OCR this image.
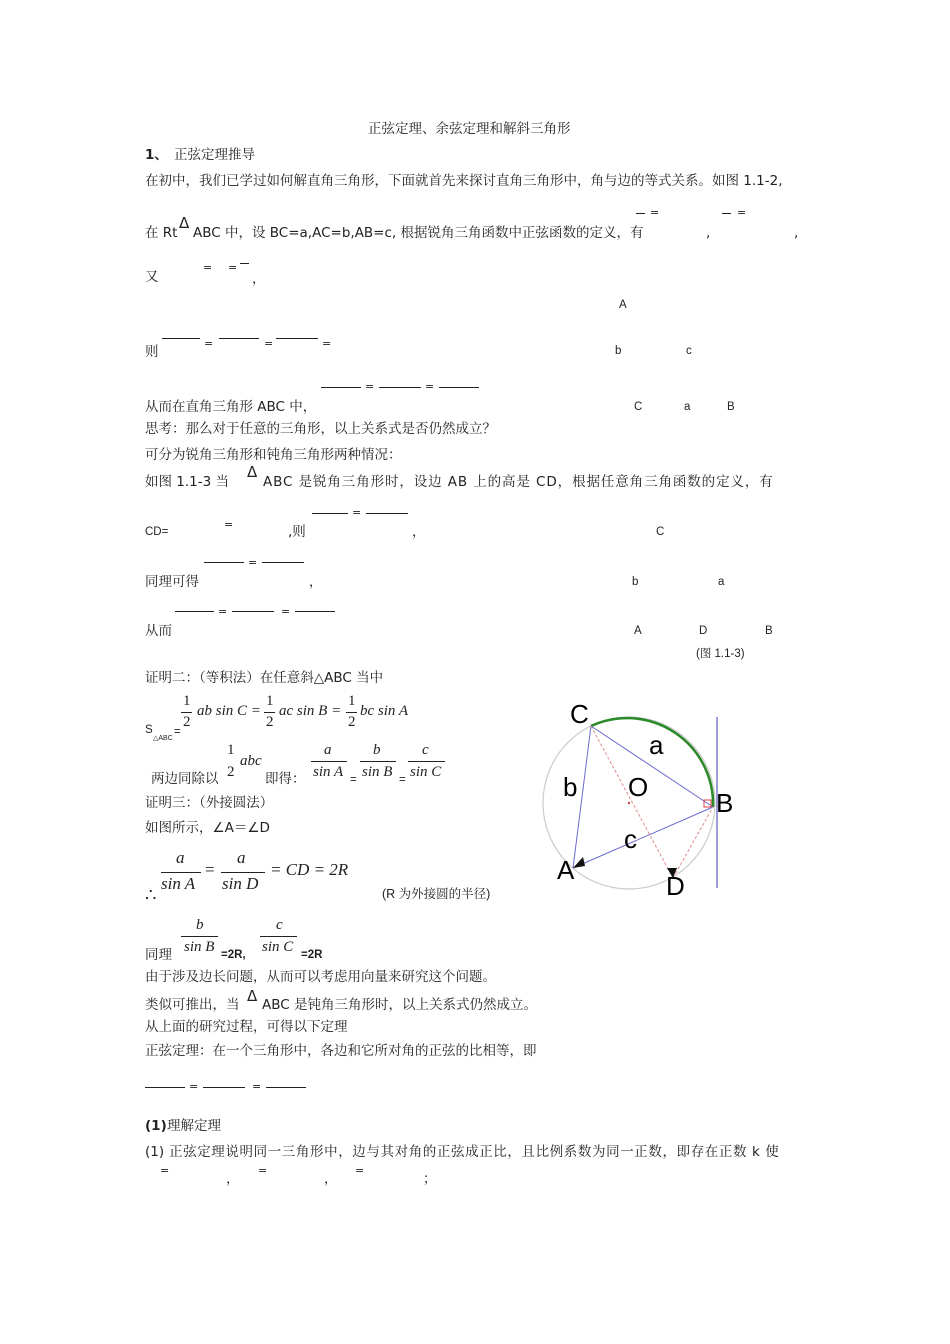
正弦定理、余弦定理和解斜三角形
1、 正弦定理推导
在初中，我们已学过如何解直角三角形，下面就首先来探讨直角三角形中，角与边的等式关系。如图 1.1-2,
在 Rt
Δ
ABC 中，设 BC=a,AC=b,AB=c, 根据锐角三角函数中正弦函数的定义，有	,	,
=	=
又
= =
，
则
=	=	=
A
b	c
C	a	B
=	=
从而在直角三角形 ABC 中，
思考：那么对于任意的三角形，以上关系式是否仍然成立？
可分为锐角三角形和钝角三角形两种情况：
如图 1.1-3 当
Δ
ABC 是锐角三角形时，设边 AB 上的高是 CD，根据任意角三角函数的定义，有
CD=
=	,则
=
，
同理可得
=
，
从而
=	=
C
b	a
A	D	B
(图 1.1-3)
证明二：（等积法）在任意斜△ABC 当中
S
△ABC
=
1
2
ab sin C =
1
2
ac sin B =
1
2
bc sin A
两边同除以
1
2
abc
即得：
a
sin A =
b
sin B =
c
sin C
证明三：（外接圆法）
如图所示，∠A＝∠D
∴
a
sin A
=
a
sin D
= CD = 2R
(R 为外接圆的半径)
同理
b
sin B =2R,
c
sin C =2R
由于涉及边长问题，从而可以考虑用向量来研究这个问题。
类似可推出，当 Δ ABC 是钝角三角形时，以上关系式仍然成立。
从上面的研究过程，可得以下定理
正弦定理：在一个三角形中，各边和它所对角的正弦的比相等，即
=	=
(1) 理解定理
(1) 正弦定理说明同一三角形中，边与其对角的正弦成正比，且比例系数为同一正数，即存在正数 k 使
=
，
=
，
=
；
C
a
b O
B
c
A
D
